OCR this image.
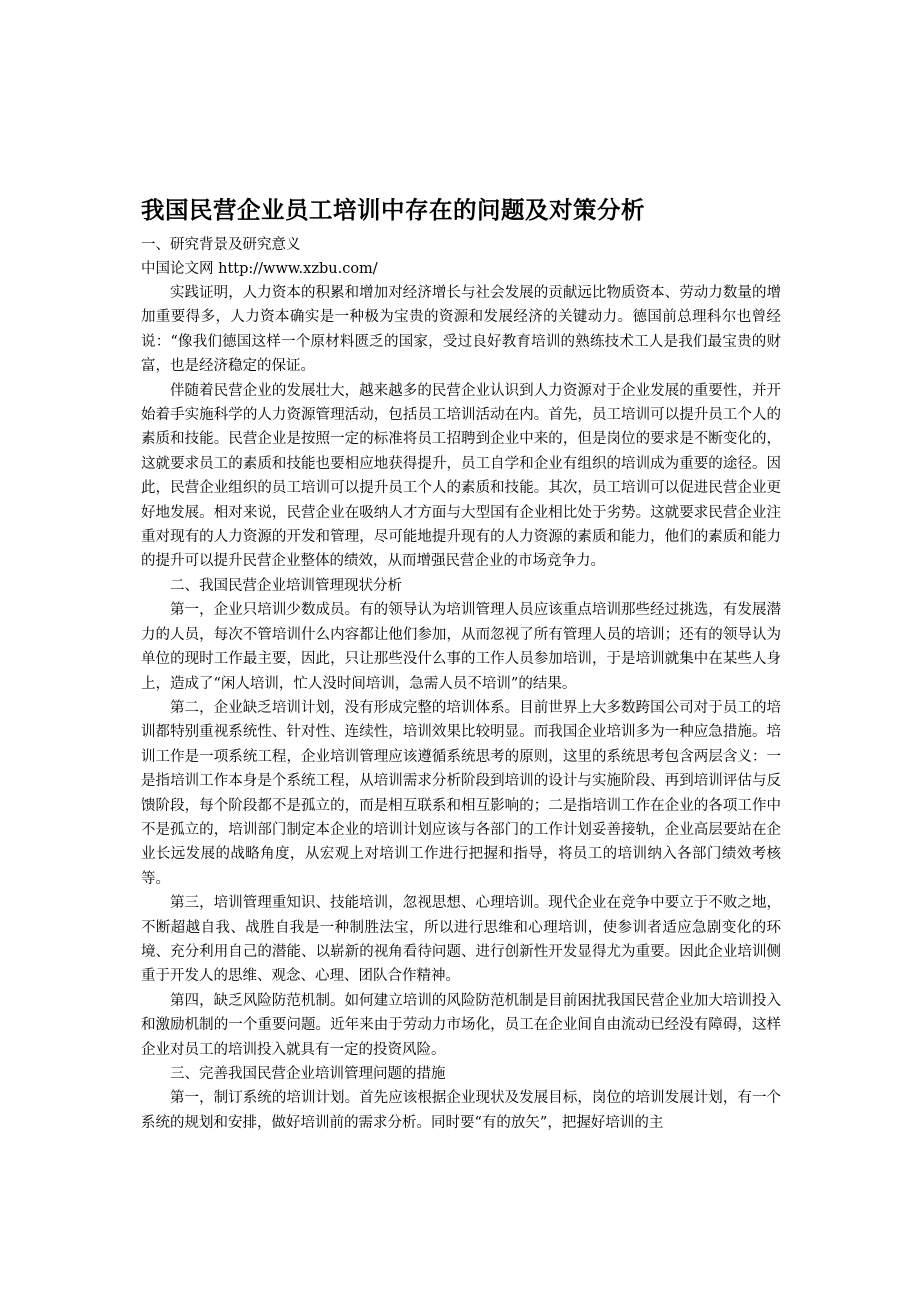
我国民营企业员工培训中存在的问题及对策分析

一、研究背景及研究意义

中国论文网 http://www.xzbu.com/

实践证明，人力资本的积累和增加对经济增长与社会发展的贡献远比物质资本、劳动力数量的增加重要得多，人力资本确实是一种极为宝贵的资源和发展经济的关键动力。德国前总理科尔也曾经说：“像我们德国这样一个原材料匮乏的国家，受过良好教育培训的熟练技术工人是我们最宝贵的财富，也是经济稳定的保证。

伴随着民营企业的发展壮大，越来越多的民营企业认识到人力资源对于企业发展的重要性，并开始着手实施科学的人力资源管理活动，包括员工培训活动在内。首先，员工培训可以提升员工个人的素质和技能。民营企业是按照一定的标准将员工招聘到企业中来的，但是岗位的要求是不断变化的，这就要求员工的素质和技能也要相应地获得提升，员工自学和企业有组织的培训成为重要的途径。因此，民营企业组织的员工培训可以提升员工个人的素质和技能。其次，员工培训可以促进民营企业更好地发展。相对来说，民营企业在吸纳人才方面与大型国有企业相比处于劣势。这就要求民营企业注重对现有的人力资源的开发和管理，尽可能地提升现有的人力资源的素质和能力，他们的素质和能力的提升可以提升民营企业整体的绩效，从而增强民营企业的市场竞争力。

二、我国民营企业培训管理现状分析

第一，企业只培训少数成员。有的领导认为培训管理人员应该重点培训那些经过挑选，有发展潜力的人员，每次不管培训什么内容都让他们参加，从而忽视了所有管理人员的培训；还有的领导认为单位的现时工作最主要，因此，只让那些没什么事的工作人员参加培训，于是培训就集中在某些人身上，造成了“闲人培训，忙人没时间培训，急需人员不培训”的结果。

第二，企业缺乏培训计划，没有形成完整的培训体系。目前世界上大多数跨国公司对于员工的培训都特别重视系统性、针对性、连续性，培训效果比较明显。而我国企业培训多为一种应急措施。培训工作是一项系统工程，企业培训管理应该遵循系统思考的原则，这里的系统思考包含两层含义：一是指培训工作本身是个系统工程，从培训需求分析阶段到培训的设计与实施阶段、再到培训评估与反馈阶段，每个阶段都不是孤立的，而是相互联系和相互影响的；二是指培训工作在企业的各项工作中不是孤立的，培训部门制定本企业的培训计划应该与各部门的工作计划妥善接轨，企业高层要站在企业长远发展的战略角度，从宏观上对培训工作进行把握和指导，将员工的培训纳入各部门绩效考核等。

第三，培训管理重知识、技能培训，忽视思想、心理培训。现代企业在竞争中要立于不败之地，不断超越自我、战胜自我是一种制胜法宝，所以进行思维和心理培训，使参训者适应急剧变化的环境、充分利用自己的潜能、以崭新的视角看待问题、进行创新性开发显得尤为重要。因此企业培训侧重于开发人的思维、观念、心理、团队合作精神。

第四，缺乏风险防范机制。如何建立培训的风险防范机制是目前困扰我国民营企业加大培训投入和激励机制的一个重要问题。近年来由于劳动力市场化，员工在企业间自由流动已经没有障碍，这样企业对员工的培训投入就具有一定的投资风险。

三、完善我国民营企业培训管理问题的措施

第一，制订系统的培训计划。首先应该根据企业现状及发展目标，岗位的培训发展计划，有一个系统的规划和安排，做好培训前的需求分析。同时要“有的放矢”，把握好培训的主
